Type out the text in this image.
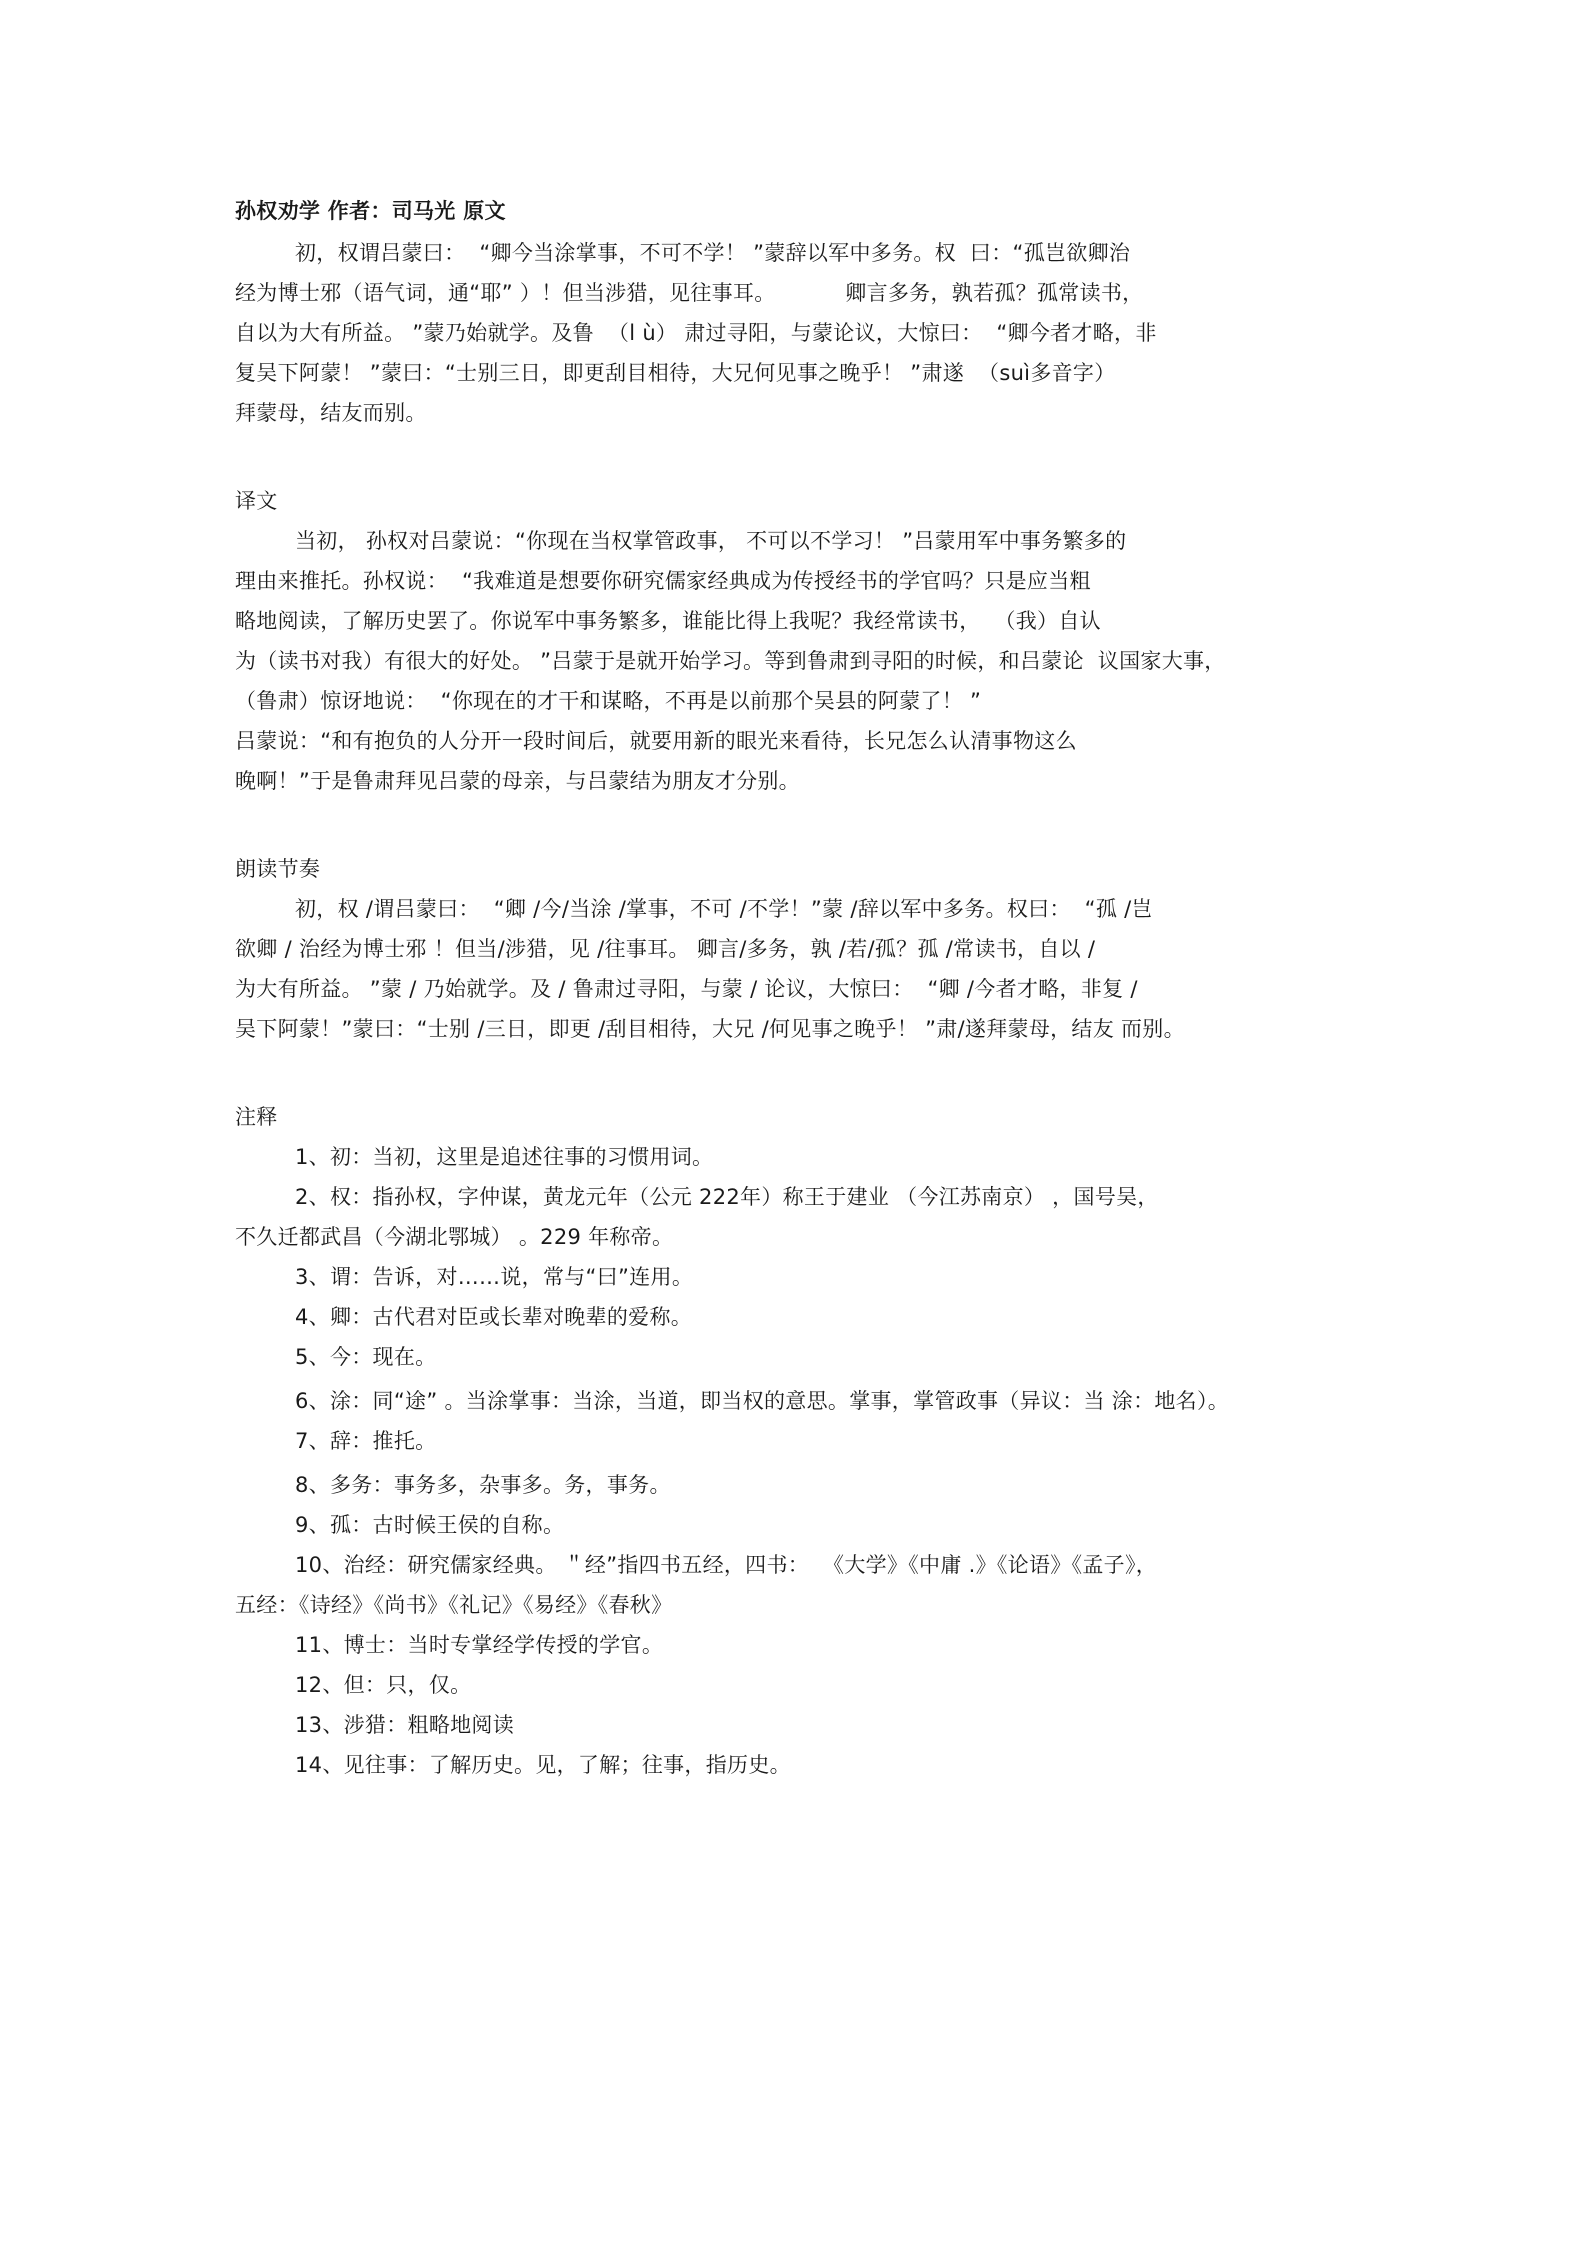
孙权劝学 作者：司马光 原文

初，权谓吕蒙曰：  “卿今当涂掌事，不可不学！ ”蒙辞以军中多务。权  曰：“孤岂欲卿治

经为博士邪（语气词，通“耶” ）！但当涉猎，见往事耳。          卿言多务，孰若孤？孤常读书，

自以为大有所益。 ”蒙乃始就学。及鲁  （l ù） 肃过寻阳，与蒙论议，大惊曰：  “卿今者才略，非

复吴下阿蒙！ ”蒙曰：“士别三日，即更刮目相待，大兄何见事之晚乎！ ”肃遂  （suì多音字）

拜蒙母，结友而别。

译文

当初， 孙权对吕蒙说：“你现在当权掌管政事， 不可以不学习！ ”吕蒙用军中事务繁多的

理由来推托。孙权说：  “我难道是想要你研究儒家经典成为传授经书的学官吗？只是应当粗

略地阅读，了解历史罢了。你说军中事务繁多，谁能比得上我呢？我经常读书，  （我）自认

为（读书对我）有很大的好处。 ”吕蒙于是就开始学习。等到鲁肃到寻阳的时候，和吕蒙论  议国家大事，

（鲁肃）惊讶地说：  “你现在的才干和谋略，不再是以前那个吴县的阿蒙了！ ”

吕蒙说：“和有抱负的人分开一段时间后，就要用新的眼光来看待，长兄怎么认清事物这么

晚啊！”于是鲁肃拜见吕蒙的母亲，与吕蒙结为朋友才分别。

朗读节奏

初，权 /谓吕蒙曰：  “卿 /今/当涂 /掌事，不可 /不学！”蒙 /辞以军中多务。权曰：  “孤 /岂

欲卿 / 治经为博士邪 ！但当/涉猎，见 /往事耳。 卿言/多务，孰 /若/孤？孤 /常读书，自以 /

为大有所益。 ”蒙 / 乃始就学。及 / 鲁肃过寻阳，与蒙 / 论议，大惊曰：  “卿 /今者才略，非复 /

吴下阿蒙！”蒙曰：“士别 /三日，即更 /刮目相待，大兄 /何见事之晚乎！ ”肃/遂拜蒙母，结友 而别。

注释

1、初：当初，这里是追述往事的习惯用词。

2、权：指孙权，字仲谋，黄龙元年（公元 222年）称王于建业 （今江苏南京） ，国号吴，

不久迁都武昌（今湖北鄂城） 。229 年称帝。

3、谓：告诉，对……说，常与“曰”连用。

4、卿：古代君对臣或长辈对晚辈的爱称。

5、今：现在。

6、涂：同“途” 。当涂掌事：当涂，当道，即当权的意思。掌事，掌管政事（异议：当 涂：地名）。

7、辞：推托。

8、多务：事务多，杂事多。务，事务。

9、孤：古时候王侯的自称。

10、治经：研究儒家经典。 ＂经”指四书五经，四书：  《大学》《中庸 .》《论语》《孟子》，

五经：《诗经》《尚书》《礼记》《易经》《春秋》

11、博士：当时专掌经学传授的学官。

12、但：只，仅。

13、涉猎：粗略地阅读

14、见往事：了解历史。见，了解；往事，指历史。
